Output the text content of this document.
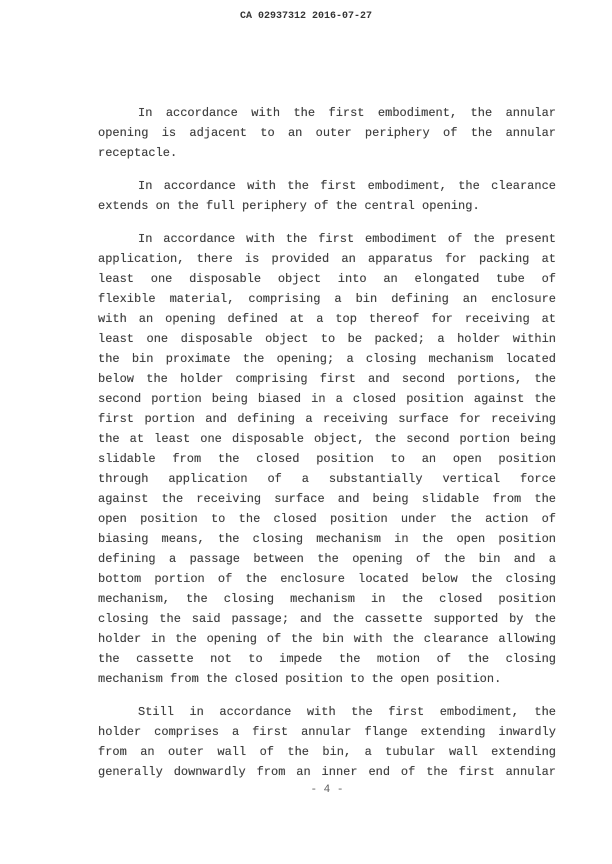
CA 02937312 2016-07-27
In accordance with the first embodiment, the annular
opening is adjacent to an outer periphery of the annular
receptacle.
In accordance with the first embodiment, the clearance
extends on the full periphery of the central opening.
In accordance with the first embodiment of the present
application, there is provided an apparatus for packing at
least one disposable object into an elongated tube of
flexible material, comprising a bin defining an enclosure
with an opening defined at a top thereof for receiving at
least one disposable object to be packed; a holder within
the bin proximate the opening; a closing mechanism located
below the holder comprising first and second portions, the
second portion being biased in a closed position against the
first portion and defining a receiving surface for receiving
the at least one disposable object, the second portion being
slidable from the closed position to an open position
through application of a substantially vertical force
against the receiving surface and being slidable from the
open position to the closed position under the action of
biasing means, the closing mechanism in the open position
defining a passage between the opening of the bin and a
bottom portion of the enclosure located below the closing
mechanism, the closing mechanism in the closed position
closing the said passage; and the cassette supported by the
holder in the opening of the bin with the clearance allowing
the cassette not to impede the motion of the closing
mechanism from the closed position to the open position.
Still in accordance with the first embodiment, the
holder comprises a first annular flange extending inwardly
from an outer wall of the bin, a tubular wall extending
generally downwardly from an inner end of the first annular
- 4 -
